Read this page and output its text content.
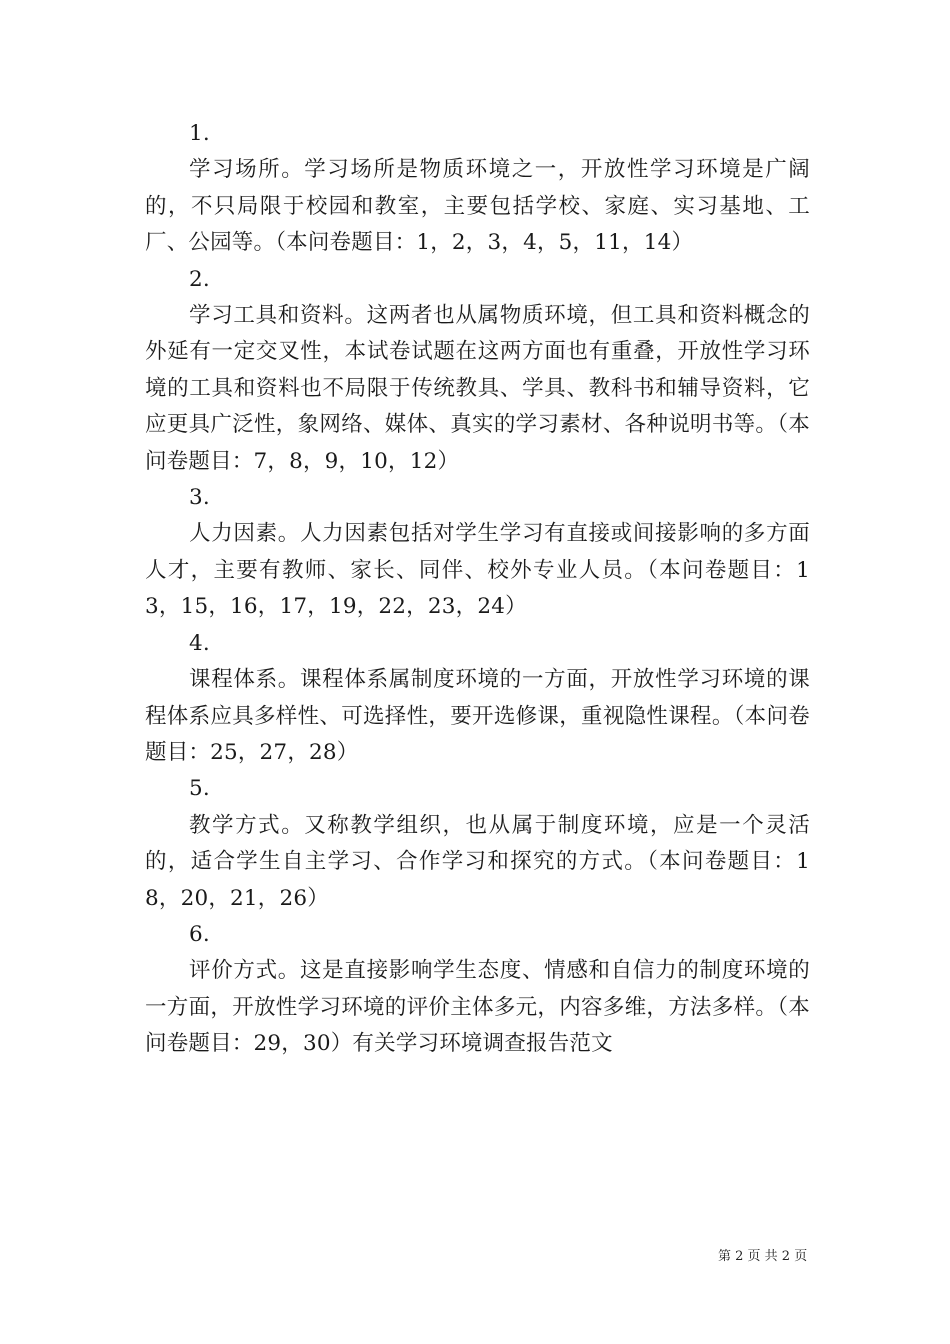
1.

学习场所。学习场所是物质环境之一，开放性学习环境是广阔的，不只局限于校园和教室，主要包括学校、家庭、实习基地、工厂、公园等。（本问卷题目：1，2，3，4，5，11，14）

2.

学习工具和资料。这两者也从属物质环境，但工具和资料概念的外延有一定交叉性，本试卷试题在这两方面也有重叠，开放性学习环境的工具和资料也不局限于传统教具、学具、教科书和辅导资料，它应更具广泛性，象网络、媒体、真实的学习素材、各种说明书等。（本问卷题目：7，8，9，10，12）

3.

人力因素。人力因素包括对学生学习有直接或间接影响的多方面人才，主要有教师、家长、同伴、校外专业人员。（本问卷题目：13，15，16，17，19，22，23，24）

4.

课程体系。课程体系属制度环境的一方面，开放性学习环境的课程体系应具多样性、可选择性，要开选修课，重视隐性课程。（本问卷题目：25，27，28）

5.

教学方式。又称教学组织，也从属于制度环境，应是一个灵活的，适合学生自主学习、合作学习和探究的方式。（本问卷题目：18，20，21，26）

6.

评价方式。这是直接影响学生态度、情感和自信力的制度环境的一方面，开放性学习环境的评价主体多元，内容多维，方法多样。（本问卷题目：29，30）有关学习环境调查报告范文

第 2 页 共 2 页
